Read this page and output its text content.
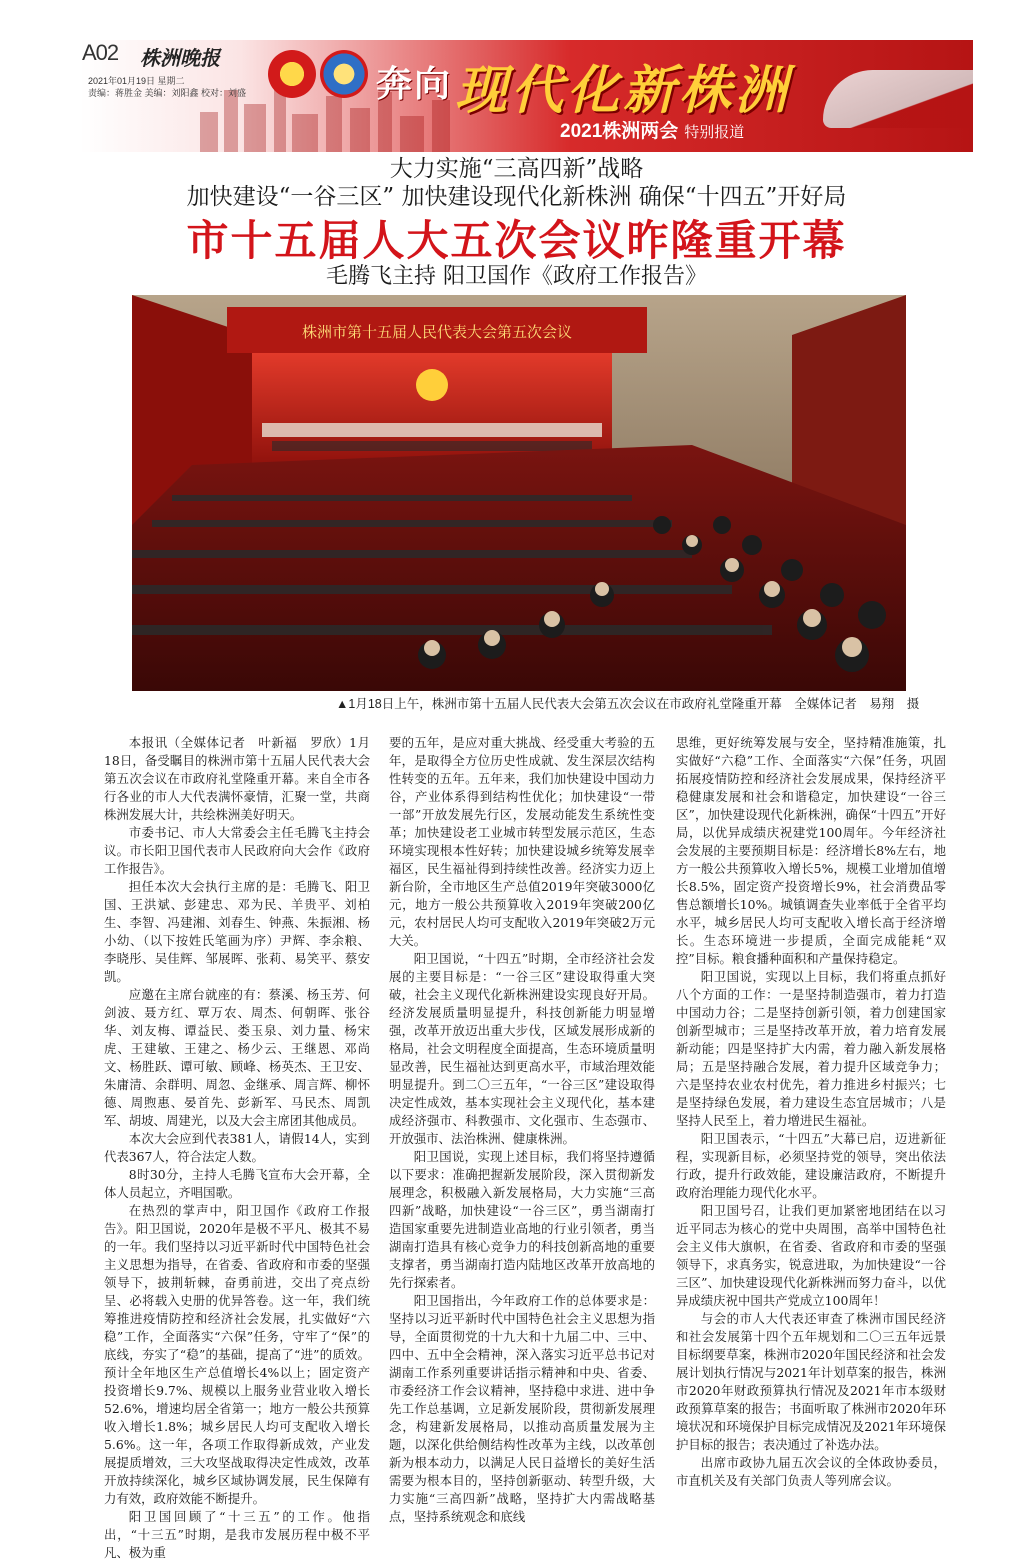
A02 株洲晚报
2021年01月19日 星期二
责编：蒋胜金 美编：刘阳鑫 校对：刘盛	奔向 现代化新株洲
2021株洲两会 特别报道
大力实施“三高四新”战略
加快建设“一谷三区” 加快建设现代化新株洲 确保“十四五”开好局
市十五届人大五次会议昨隆重开幕
毛腾飞主持 阳卫国作《政府工作报告》
株洲市第十五届人民代表大会第五次会议
▲1月18日上午，株洲市第十五届人民代表大会第五次会议在市政府礼堂隆重开幕　全媒体记者　易翔　摄

本报讯（全媒体记者　叶新福　罗欣）1月18日，备受瞩目的株洲市第十五届人民代表大会第五次会议在市政府礼堂隆重开幕。来自全市各行各业的市人大代表满怀豪情，汇聚一堂，共商株洲发展大计，共绘株洲美好明天。

市委书记、市人大常委会主任毛腾飞主持会议。市长阳卫国代表市人民政府向大会作《政府工作报告》。

担任本次大会执行主席的是：毛腾飞、阳卫国、王洪斌、彭建忠、邓为民、羊贵平、刘柏生、李智、冯建湘、刘春生、钟燕、朱振湘、杨小幼、（以下按姓氏笔画为序）尹辉、李余粮、李晓彤、吴佳辉、邹展晖、张莉、易笑平、蔡安凯。

应邀在主席台就座的有：蔡溪、杨玉芳、何剑波、聂方红、覃万农、周杰、何朝晖、张谷华、刘友梅、谭益民、娄玉泉、刘力量、杨宋虎、王建敏、王建之、杨少云、王继恩、邓尚文、杨胜跃、谭可敏、顾峰、杨英杰、王卫安、朱庸清、余群明、周忽、金继承、周言辉、柳怀德、周煦惠、晏首先、彭新军、马民杰、周凯军、胡坡、周建光，以及大会主席团其他成员。

本次大会应到代表381人，请假14人，实到代表367人，符合法定人数。

8时30分，主持人毛腾飞宣布大会开幕，全体人员起立，齐唱国歌。

在热烈的掌声中，阳卫国作《政府工作报告》。阳卫国说，2020年是极不平凡、极其不易的一年。我们坚持以习近平新时代中国特色社会主义思想为指导，在省委、省政府和市委的坚强领导下，披荆斩棘，奋勇前进，交出了亮点纷呈、必将载入史册的优异答卷。这一年，我们统筹推进疫情防控和经济社会发展，扎实做好“六稳”工作，全面落实“六保”任务，守牢了“保”的底线，夯实了“稳”的基础，提高了“进”的质效。预计全年地区生产总值增长4%以上；固定资产投资增长9.7%、规模以上服务业营业收入增长52.6%，增速均居全省第一；地方一般公共预算收入增长1.8%；城乡居民人均可支配收入增长5.6%。这一年，各项工作取得新成效，产业发展提质增效，三大攻坚战取得决定性成效，改革开放持续深化，城乡区域协调发展，民生保障有力有效，政府效能不断提升。

阳卫国回顾了“十三五”的工作。他指出，“十三五”时期，是我市发展历程中极不平凡、极为重

要的五年，是应对重大挑战、经受重大考验的五年，是取得全方位历史性成就、发生深层次结构性转变的五年。五年来，我们加快建设中国动力谷，产业体系得到结构性优化；加快建设“一带一部”开放发展先行区，发展动能发生系统性变革；加快建设老工业城市转型发展示范区，生态环境实现根本性好转；加快建设城乡统筹发展幸福区，民生福祉得到持续性改善。经济实力迈上新台阶，全市地区生产总值2019年突破3000亿元，地方一般公共预算收入2019年突破200亿元，农村居民人均可支配收入2019年突破2万元大关。

阳卫国说，“十四五”时期，全市经济社会发展的主要目标是：“一谷三区”建设取得重大突破，社会主义现代化新株洲建设实现良好开局。经济发展质量明显提升，科技创新能力明显增强，改革开放迈出重大步伐，区域发展形成新的格局，社会文明程度全面提高，生态环境质量明显改善，民生福祉达到更高水平，市域治理效能明显提升。到二〇三五年，“一谷三区”建设取得决定性成效，基本实现社会主义现代化，基本建成经济强市、科教强市、文化强市、生态强市、开放强市、法治株洲、健康株洲。

阳卫国说，实现上述目标，我们将坚持遵循以下要求：准确把握新发展阶段，深入贯彻新发展理念，积极融入新发展格局，大力实施“三高四新”战略，加快建设“一谷三区”，勇当湖南打造国家重要先进制造业高地的行业引领者，勇当湖南打造具有核心竞争力的科技创新高地的重要支撑者，勇当湖南打造内陆地区改革开放高地的先行探索者。

阳卫国指出，今年政府工作的总体要求是：坚持以习近平新时代中国特色社会主义思想为指导，全面贯彻党的十九大和十九届二中、三中、四中、五中全会精神，深入落实习近平总书记对湖南工作系列重要讲话指示精神和中央、省委、市委经济工作会议精神，坚持稳中求进、进中争先工作总基调，立足新发展阶段，贯彻新发展理念，构建新发展格局，以推动高质量发展为主题，以深化供给侧结构性改革为主线，以改革创新为根本动力，以满足人民日益增长的美好生活需要为根本目的，坚持创新驱动、转型升级，大力实施“三高四新”战略，坚持扩大内需战略基点，坚持系统观念和底线

思维，更好统筹发展与安全，坚持精准施策，扎实做好“六稳”工作、全面落实“六保”任务，巩固拓展疫情防控和经济社会发展成果，保持经济平稳健康发展和社会和谐稳定，加快建设“一谷三区”，加快建设现代化新株洲，确保“十四五”开好局，以优异成绩庆祝建党100周年。今年经济社会发展的主要预期目标是：经济增长8%左右，地方一般公共预算收入增长5%，规模工业增加值增长8.5%，固定资产投资增长9%，社会消费品零售总额增长10%。城镇调查失业率低于全省平均水平，城乡居民人均可支配收入增长高于经济增长。生态环境进一步提质，全面完成能耗“双控”目标。粮食播种面积和产量保持稳定。

阳卫国说，实现以上目标，我们将重点抓好八个方面的工作：一是坚持制造强市，着力打造中国动力谷；二是坚持创新引领，着力创建国家创新型城市；三是坚持改革开放，着力培育发展新动能；四是坚持扩大内需，着力融入新发展格局；五是坚持融合发展，着力提升区域竞争力；六是坚持农业农村优先，着力推进乡村振兴；七是坚持绿色发展，着力建设生态宜居城市；八是坚持人民至上，着力增进民生福祉。

阳卫国表示，“十四五”大幕已启，迈进新征程，实现新目标，必须坚持党的领导，突出依法行政，提升行政效能，建设廉洁政府，不断提升政府治理能力现代化水平。

阳卫国号召，让我们更加紧密地团结在以习近平同志为核心的党中央周围，高举中国特色社会主义伟大旗帜，在省委、省政府和市委的坚强领导下，求真务实，锐意进取，为加快建设“一谷三区”、加快建设现代化新株洲而努力奋斗，以优异成绩庆祝中国共产党成立100周年！

与会的市人大代表还审查了株洲市国民经济和社会发展第十四个五年规划和二〇三五年远景目标纲要草案，株洲市2020年国民经济和社会发展计划执行情况与2021年计划草案的报告，株洲市2020年财政预算执行情况及2021年市本级财政预算草案的报告；书面听取了株洲市2020年环境状况和环境保护目标完成情况及2021年环境保护目标的报告；表决通过了补选办法。

出席市政协九届五次会议的全体政协委员，市直机关及有关部门负责人等列席会议。
